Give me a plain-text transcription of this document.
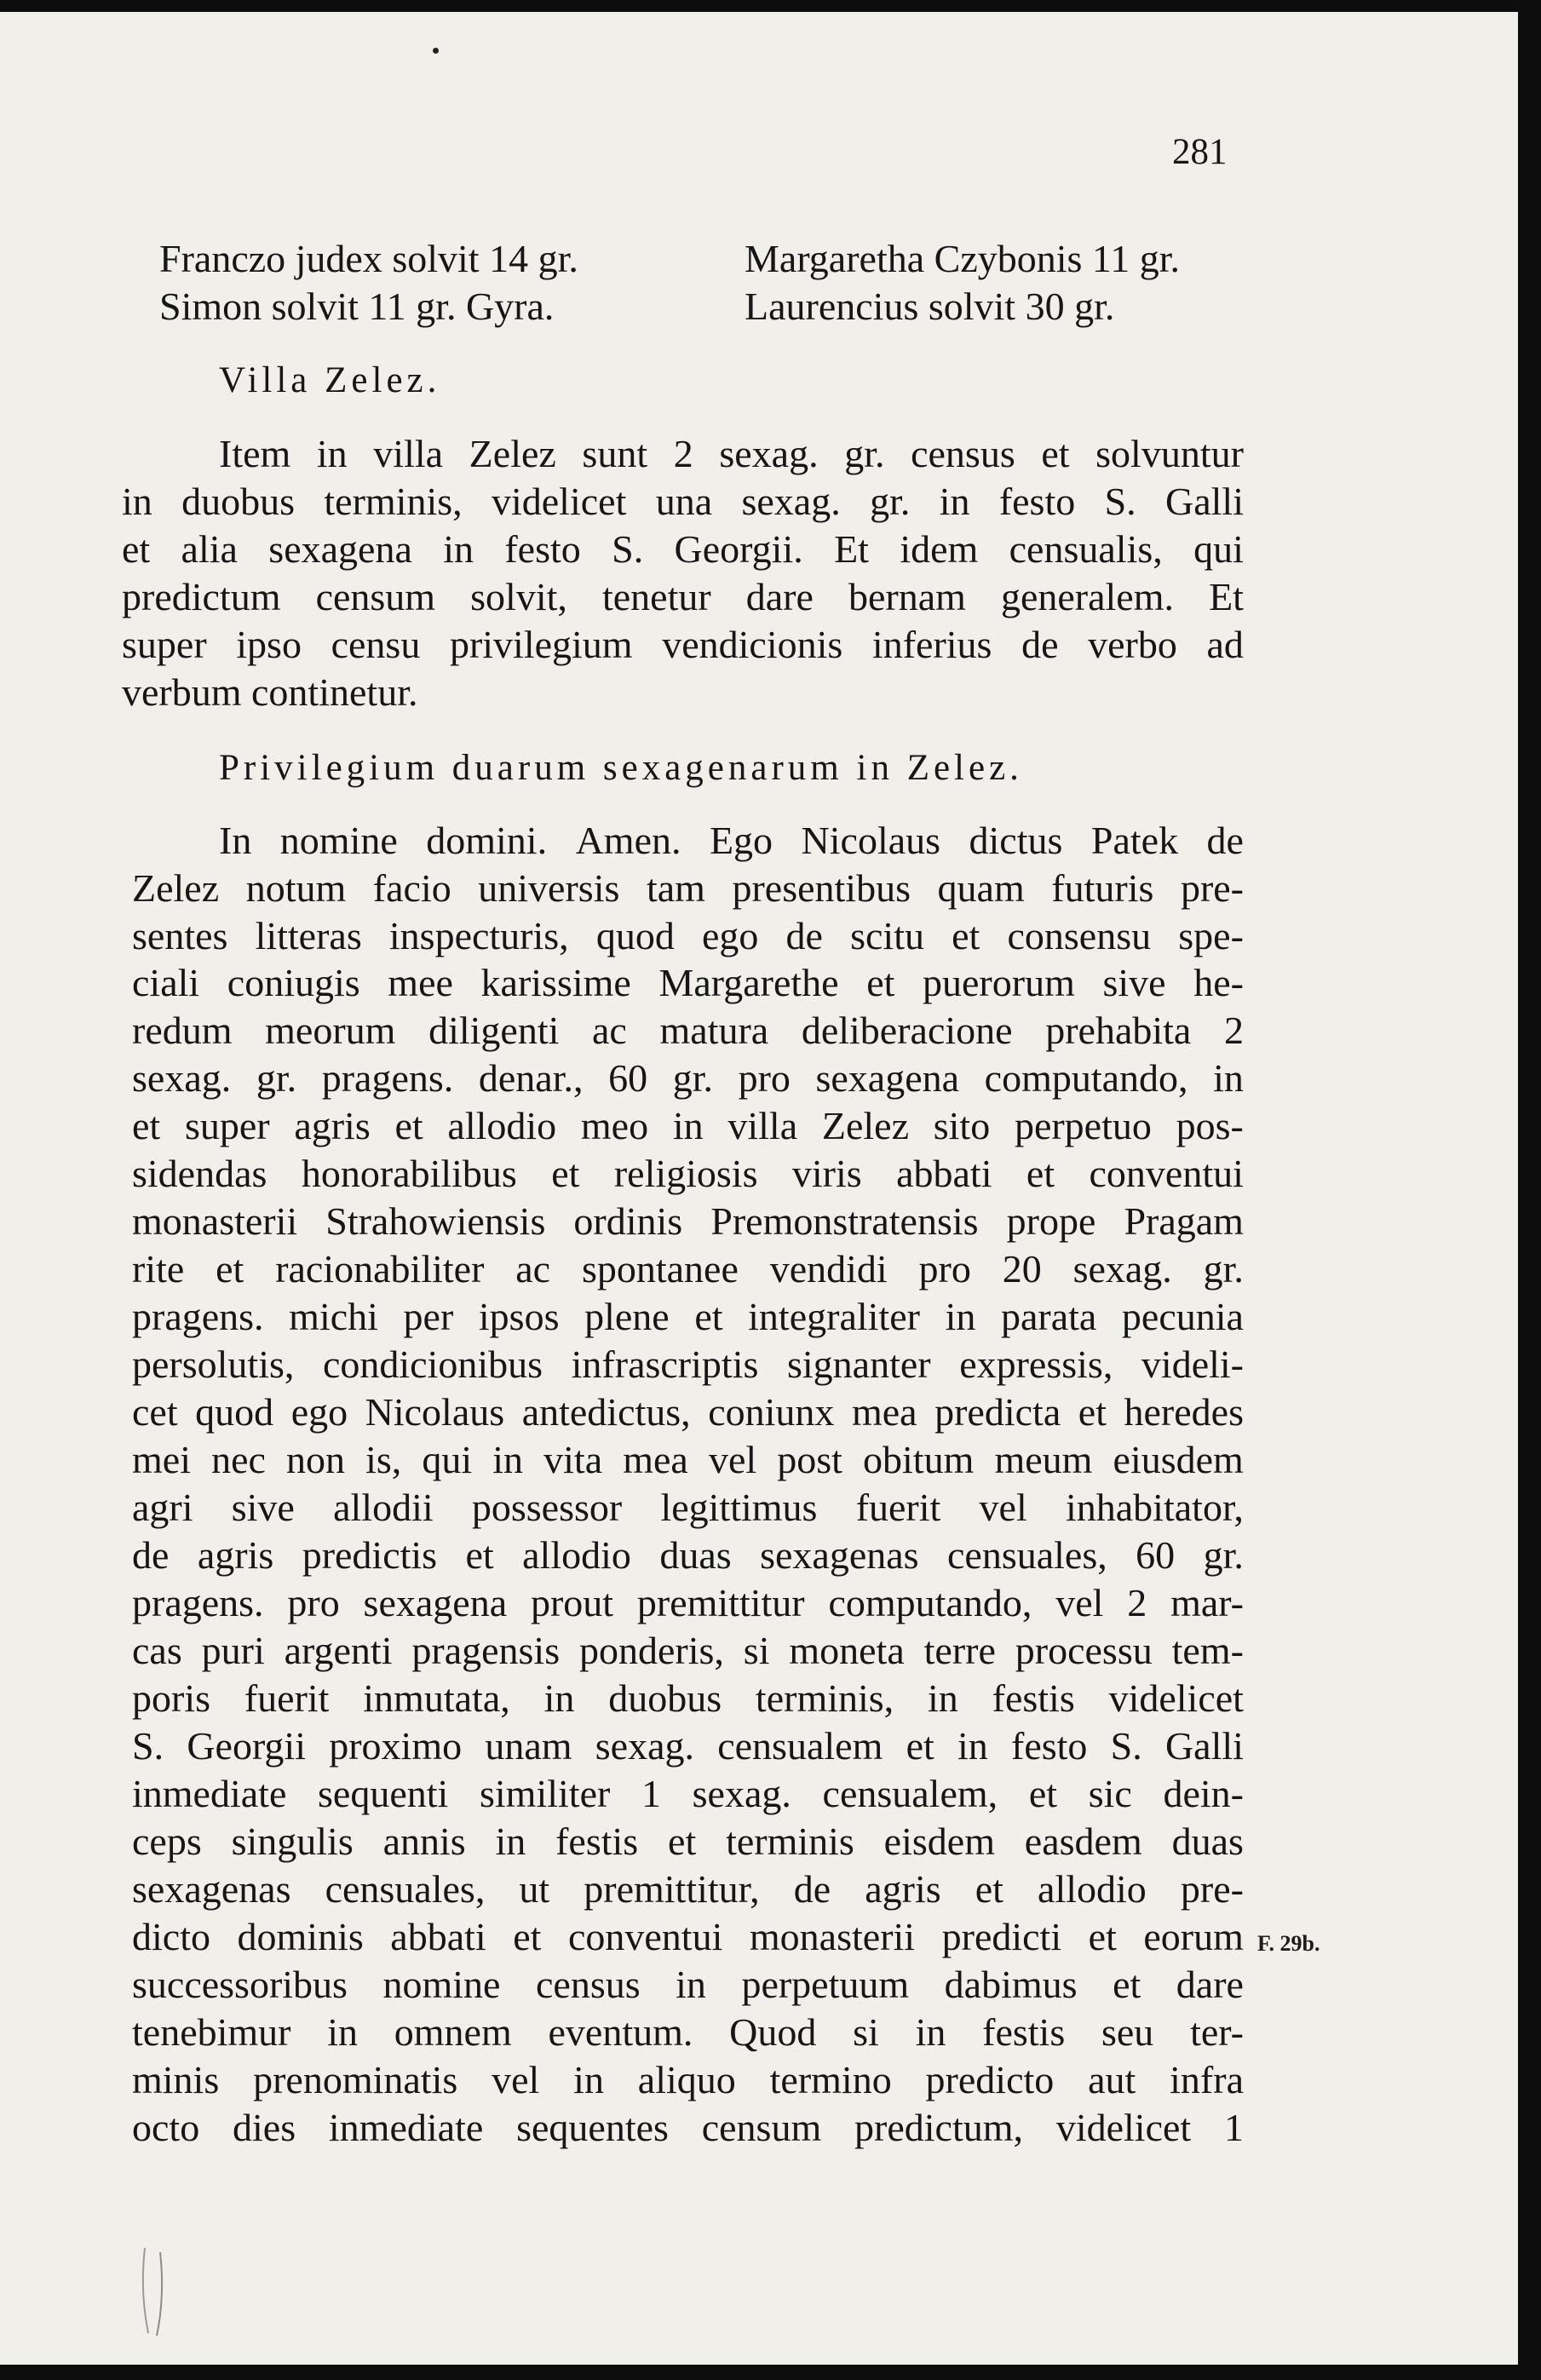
281
Franczo judex solvit 14 gr.	Margaretha Czybonis 11 gr.
Simon solvit 11 gr. Gyra.	Laurencius solvit 30 gr.
Villa Zelez.
Item in villa Zelez sunt 2 sexag. gr. census et solvuntur
in duobus terminis, videlicet una sexag. gr. in festo S. Galli
et alia sexagena in festo S. Georgii. Et idem censualis, qui
predictum censum solvit, tenetur dare bernam generalem. Et
super ipso censu privilegium vendicionis inferius de verbo ad
verbum continetur.
Privilegium duarum sexagenarum in Zelez.
In nomine domini. Amen. Ego Nicolaus dictus Patek de
Zelez notum facio universis tam presentibus quam futuris pre-
sentes litteras inspecturis, quod ego de scitu et consensu spe-
ciali coniugis mee karissime Margarethe et puerorum sive he-
redum meorum diligenti ac matura deliberacione prehabita 2
sexag. gr. pragens. denar., 60 gr. pro sexagena computando, in
et super agris et allodio meo in villa Zelez sito perpetuo pos-
sidendas honorabilibus et religiosis viris abbati et conventui
monasterii Strahowiensis ordinis Premonstratensis prope Pragam
rite et racionabiliter ac spontanee vendidi pro 20 sexag. gr.
pragens. michi per ipsos plene et integraliter in parata pecunia
persolutis, condicionibus infrascriptis signanter expressis, videli-
cet quod ego Nicolaus antedictus, coniunx mea predicta et heredes
mei nec non is, qui in vita mea vel post obitum meum eiusdem
agri sive allodii possessor legittimus fuerit vel inhabitator,
de agris predictis et allodio duas sexagenas censuales, 60 gr.
pragens. pro sexagena prout premittitur computando, vel 2 mar-
cas puri argenti pragensis ponderis, si moneta terre processu tem-
poris fuerit inmutata, in duobus terminis, in festis videlicet
S. Georgii proximo unam sexag. censualem et in festo S. Galli
inmediate sequenti similiter 1 sexag. censualem, et sic dein-
ceps singulis annis in festis et terminis eisdem easdem duas
sexagenas censuales, ut premittitur, de agris et allodio pre-
dicto dominis abbati et conventui monasterii predicti et eorum
successoribus nomine census in perpetuum dabimus et dare
tenebimur in omnem eventum. Quod si in festis seu ter-
minis prenominatis vel in aliquo termino predicto aut infra
octo dies inmediate sequentes censum predictum, videlicet 1
F. 29b.
